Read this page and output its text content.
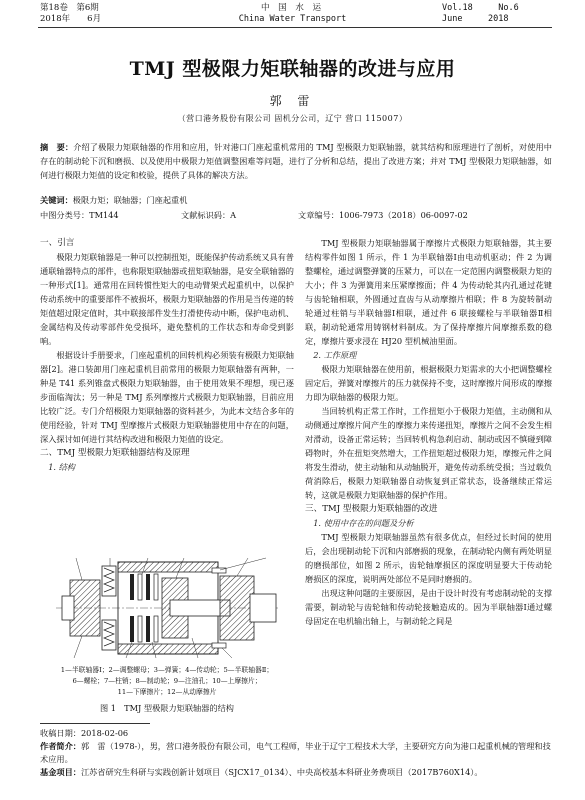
第18卷　 第6期
2018年　　 6月
中 国 水 运
China Water Transport
Vol.18　　　	No.6
June　　　	2018
TMJ 型极限力矩联轴器的改进与应用
郭 雷
（营口港务股份有限公司 固机分公司，辽宁 营口 115007）
摘　要：介绍了极限力矩联轴器的作用和应用，针对港口门座起重机常用的 TMJ 型极限力矩联轴器，就其结构和原理进行了剖析，对使用中存在的制动轮下沉和磨损、以及使用中极限力矩值调整困难等问题，进行了分析和总结，提出了改进方案；并对 TMJ 型极限力矩联轴器，如何进行极限力矩值的设定和校验，提供了具体的解决方法。
关键词：极限力矩；联轴器；门座起重机
中图分类号：TM144	文献标识码：A	文章编号：1006-7973（2018）06-0097-02
一、引言

极限力矩联轴器是一种可以控制扭矩，既能保护传动系统又具有普通联轴器特点的部件，也称限矩联轴器或扭矩联轴器，是安全联轴器的一种形式[1]。通常用在回转惯性矩大的电动臂架式起重机中，以保护传动系统中的重要部件不被损坏，极限力矩联轴器的作用是当传递的转矩值超过限定值时，其中联接部件发生打滑使传动中断，保护电动机、金属结构及传动零部件免受损坏，避免整机的工作状态和寿命受到影响。

根据设计手册要求，门座起重机的回转机构必须装有极限力矩联轴器[2]。港口装卸用门座起重机目前常用的极限力矩联轴器有两种，一种是 T41 系列锥盘式极限力矩联轴器，由于使用效果不理想，现已逐步面临淘汰；另一种是 TMJ 系列摩擦片式极限力矩联轴器，目前应用比较广泛。专门介绍极限力矩联轴器的资料甚少，为此本文结合多年的使用经验，针对 TMJ 型摩擦片式极限力矩联轴器使用中存在的问题，深入探讨如何进行其结构改进和极限力矩值的设定。

二、TMJ 型极限力矩联轴器结构及原理
1. 结构
1—半联轴器Ⅰ；2—调整螺母；3—弹簧；4—传动轮；5—半联轴器Ⅱ；
6—螺栓；7—柱销；8—制动轮；9—注油孔；10—上摩擦片；
11—下摩擦片；12—从动摩擦片
图 1　TMJ 型极限力矩联轴器的结构

TMJ 型极限力矩联轴器属于摩擦片式极限力矩联轴器，其主要结构零件如图 1 所示，件 1 为半联轴器Ⅰ由电动机驱动；件 2 为调整螺栓，通过调整弹簧的压紧力，可以在一定范围内调整极限力矩的大小；件 3 为弹簧用来压紧摩擦面；件 4 为传动轮其内孔通过花键与齿轮轴相联，外圆通过直齿与从动摩擦片相联；件 8 为旋转制动轮通过柱销与半联轴器Ⅰ相联，通过件 6 联接螺栓与半联轴器Ⅱ相联，制动轮通常用铸钢材料制成。为了保持摩擦片间摩擦系数的稳定，摩擦片要求浸在 HJ20 型机械油里面。

2. 工作原理

极限力矩联轴器在使用前，根据极限力矩需求的大小把调整螺栓固定后，弹簧对摩擦片的压力就保持不变，这时摩擦片间形成的摩擦力即为联轴器的极限力矩。

当回转机构正常工作时，工作扭矩小于极限力矩值，主动侧和从动侧通过摩擦片间产生的摩擦力来传递扭矩，摩擦片之间不会发生相对滑动，设备正常运转；当回转机构急刹启动、制动或因不慎碰到障碍物时，外在扭矩突然增大，工作扭矩超过极限力矩，摩擦元件之间将发生滑动，使主动轴和从动轴脱开，避免传动系统受损；当过载负荷消除后，极限力矩联轴器自动恢复到正常状态，设备继续正常运转，这就是极限力矩联轴器的保护作用。

三、TMJ 型极限力矩联轴器的改进
1. 使用中存在的问题及分析

TMJ 型极限力矩联轴器虽然有很多优点，但经过长时间的使用后，会出现制动轮下沉和内部磨损的现象，在制动轮内侧有两处明显的磨损部位，如图 2 所示，齿轮轴摩损区的深度明显要大于传动轮磨损区的深度，说明两处部位不是同时磨损的。

出现这种问题的主要原因，是由于设计时没有考虑制动轮的支撑需要，制动轮与齿轮轴和传动轮接触造成的。因为半联轴器Ⅰ通过螺母固定在电机输出轴上，与制动轮之间是

收稿日期：2018-02-06
作者简介：郭　雷（1978-），男，营口港务股份有限公司，电气工程师，毕业于辽宁工程技术大学，主要研究方向为港口起重机械的管理和技术应用。
基金项目：江苏省研究生科研与实践创新计划项目（SJCX17_0134）、中央高校基本科研业务费项目（2017B760X14）。
